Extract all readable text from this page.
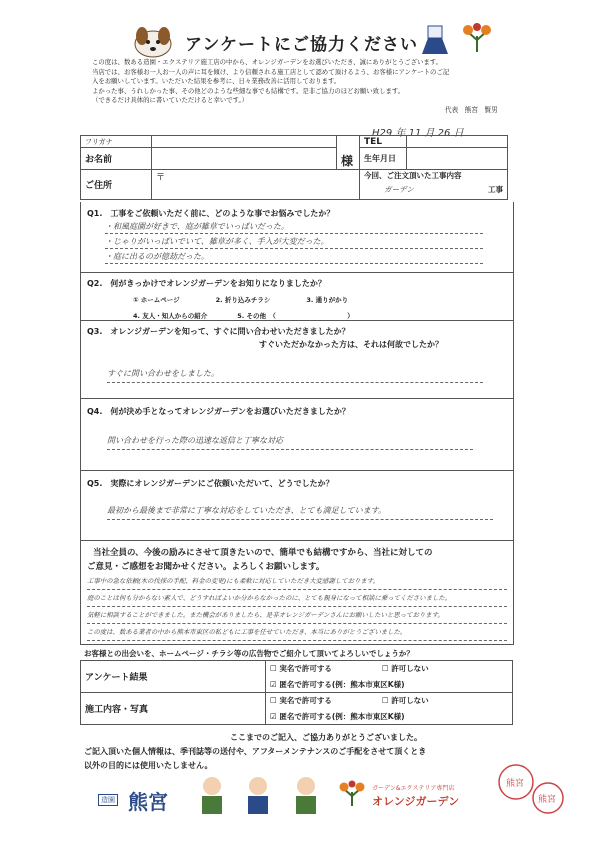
アンケートにご協力ください
この度は、数ある造園・エクステリア施工店の中から、オレンジガーデンをお選びいただき、誠にありがとうございます。
当店では、お客様お一人お一人の声に耳を傾け、より信頼される施工店として認めて頂けるよう、お客様にアンケートのご記
入をお願いしています。いただいた結果を参考に、日々業務改善に活用しております。
よかった事、うれしかった事、その他どのような些細な事でも結構です。是非ご協力のほどお願い致します。
（できるだけ具体的に書いていただけると幸いです。）
代表　熊宮　賢男
H29 年 11 月 26 日
フリガナ		様	TEL	
お名前			生年月日	
ご住所	〒		今回、ご注文頂いた工事内容
ガーデン 工事	
Q1.　工事をご依頼いただく前に、どのような事でお悩みでしたか？
・和風庭園が好きで、庭が雑草でいっぱいだった。
・じゃりがいっぱいでいて、雑草が多く、手入が大変だった。
・庭に出るのが億劫だった。
Q2.　何がきっかけでオレンジガーデンをお知りになりましたか？
① ホームページ	2. 折り込みチラシ	3. 通りがかり
4. 友人・知人からの紹介	5. その他　（　　　　　　　　　　　）
Q3.　オレンジガーデンを知って、すぐに問い合わせいただきましたか？
すぐいただかなかった方は、それは何故でしたか？
すぐに問い合わせをしました。
Q4.　何が決め手となってオレンジガーデンをお選びいただきましたか？
問い合わせを行った際の迅速な返信と丁寧な対応
Q5.　実際にオレンジガーデンにご依頼いただいて、どうでしたか？
最初から最後まで非常に丁寧な対応をしていただき、とても満足しています。
当社全員の、今後の励みにさせて頂きたいので、簡単でも結構ですから、当社に対しての
ご意見・ご感想をお聞かせください。よろしくお願いします。
工事中の急な依頼(木の伐採の手配、料金の変更)にも柔軟に対応していただき大変感謝しております。
庭のことは何も分からない素人で、どうすればよいか分からなかったのに、とても親身になって相談に乗ってくださいました。
気軽に相談することができました。また機会がありましたら、是非オレンジガーデンさんにお願いしたいと思っております。
この度は、数ある業者の中から熊本市東区の私どもに工事を任せていただき、本当にありがとうございました。
お客様との出会いを、ホームページ・チラシ等の広告物でご紹介して頂いてよろしいでしょうか？
アンケート結果	☐ 実名で許可する ☐ 許可しない
☑ 匿名で許可する(例：熊本市東区K様)

施工内容・写真	☐ 実名で許可する ☐ 許可しない
☑ 匿名で許可する(例：熊本市東区K様)
ここまでのご記入、ご協力ありがとうございました。
ご記入頂いた個人情報は、季刊誌等の送付や、アフターメンテナンスのご手配をさせて頂くとき
以外の目的には使用いたしません。
造園 熊宮
ガーデン&エクステリア専門店
オレンジガーデン
熊宮
熊宮
